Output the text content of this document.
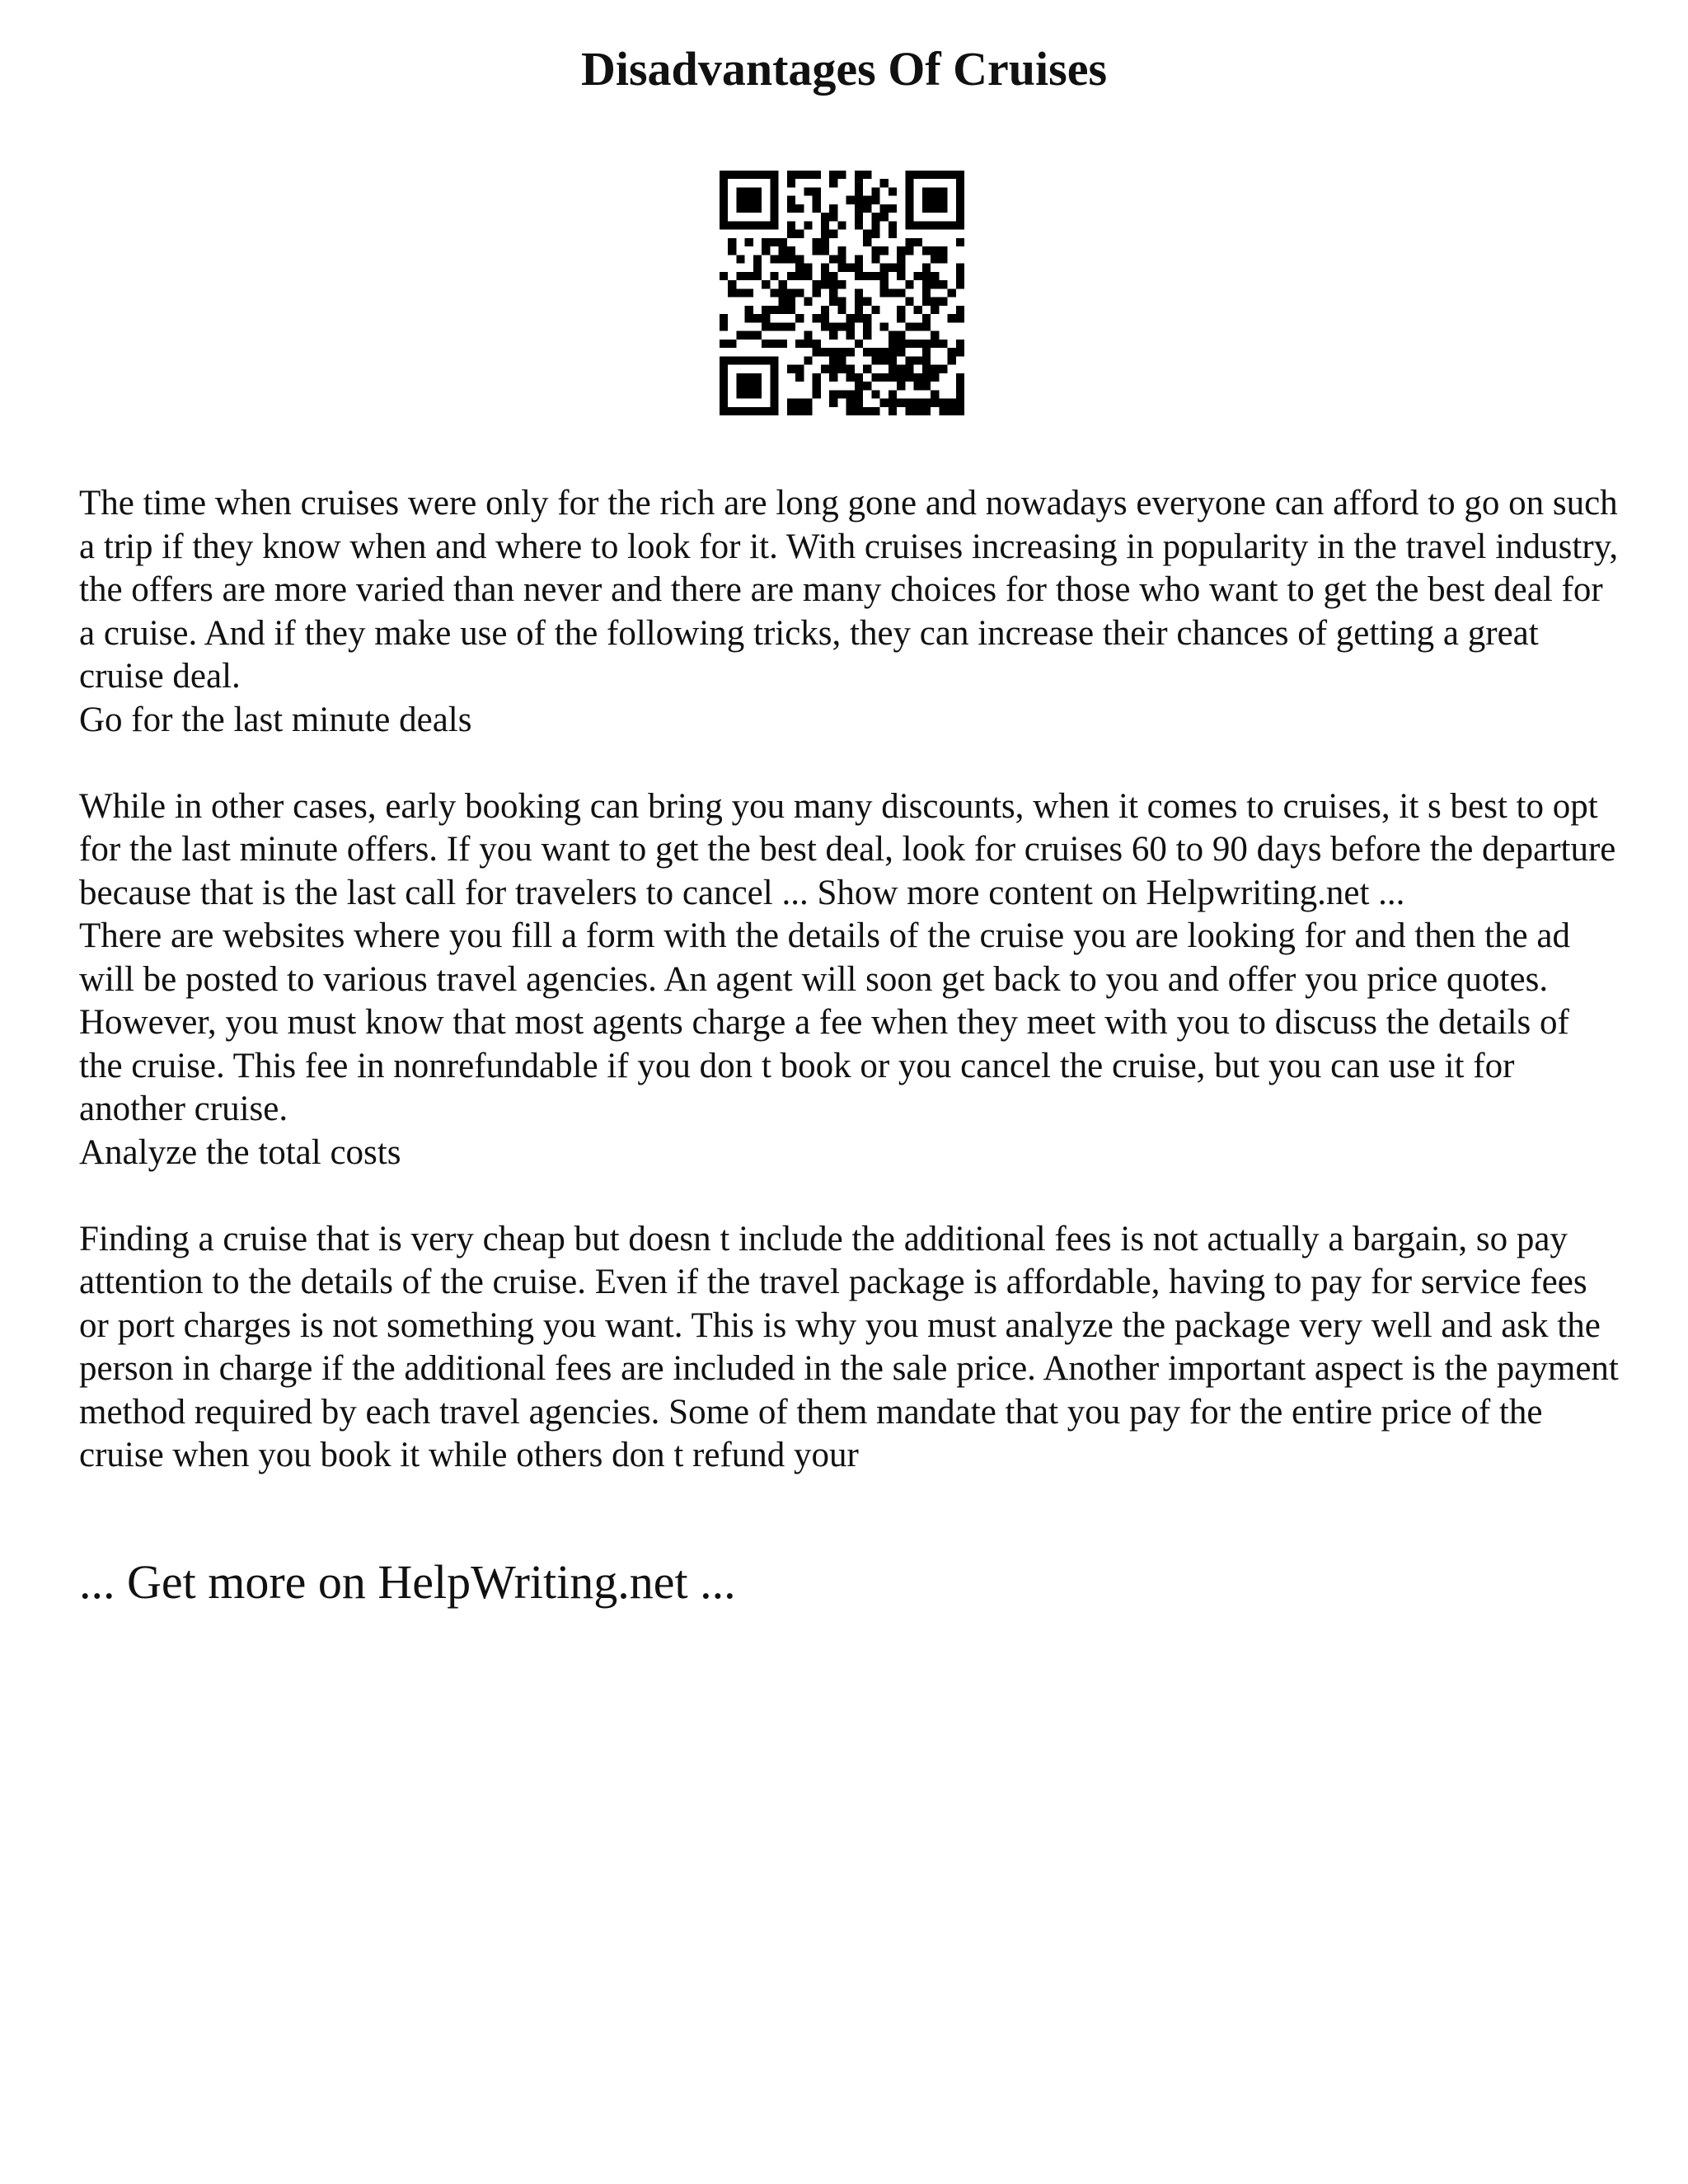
Disadvantages Of Cruises

The time when cruises were only for the rich are long gone and nowadays everyone can afford to go on such a trip if they know when and where to look for it. With cruises increasing in popularity in the travel industry, the offers are more varied than never and there are many choices for those who want to get the best deal for a cruise. And if they make use of the following tricks, they can increase their chances of getting a great cruise deal.

Go for the last minute deals

While in other cases, early booking can bring you many discounts, when it comes to cruises, it s best to opt for the last minute offers. If you want to get the best deal, look for cruises 60 to 90 days before the departure because that is the last call for travelers to cancel ... Show more content on Helpwriting.net ...

There are websites where you fill a form with the details of the cruise you are looking for and then the ad will be posted to various travel agencies. An agent will soon get back to you and offer you price quotes. However, you must know that most agents charge a fee when they meet with you to discuss the details of the cruise. This fee in nonrefundable if you don t book or you cancel the cruise, but you can use it for another cruise.

Analyze the total costs

Finding a cruise that is very cheap but doesn t include the additional fees is not actually a bargain, so pay attention to the details of the cruise. Even if the travel package is affordable, having to pay for service fees or port charges is not something you want. This is why you must analyze the package very well and ask the person in charge if the additional fees are included in the sale price. Another important aspect is the payment method required by each travel agencies. Some of them mandate that you pay for the entire price of the cruise when you book it while others don t refund your

... Get more on HelpWriting.net ...
